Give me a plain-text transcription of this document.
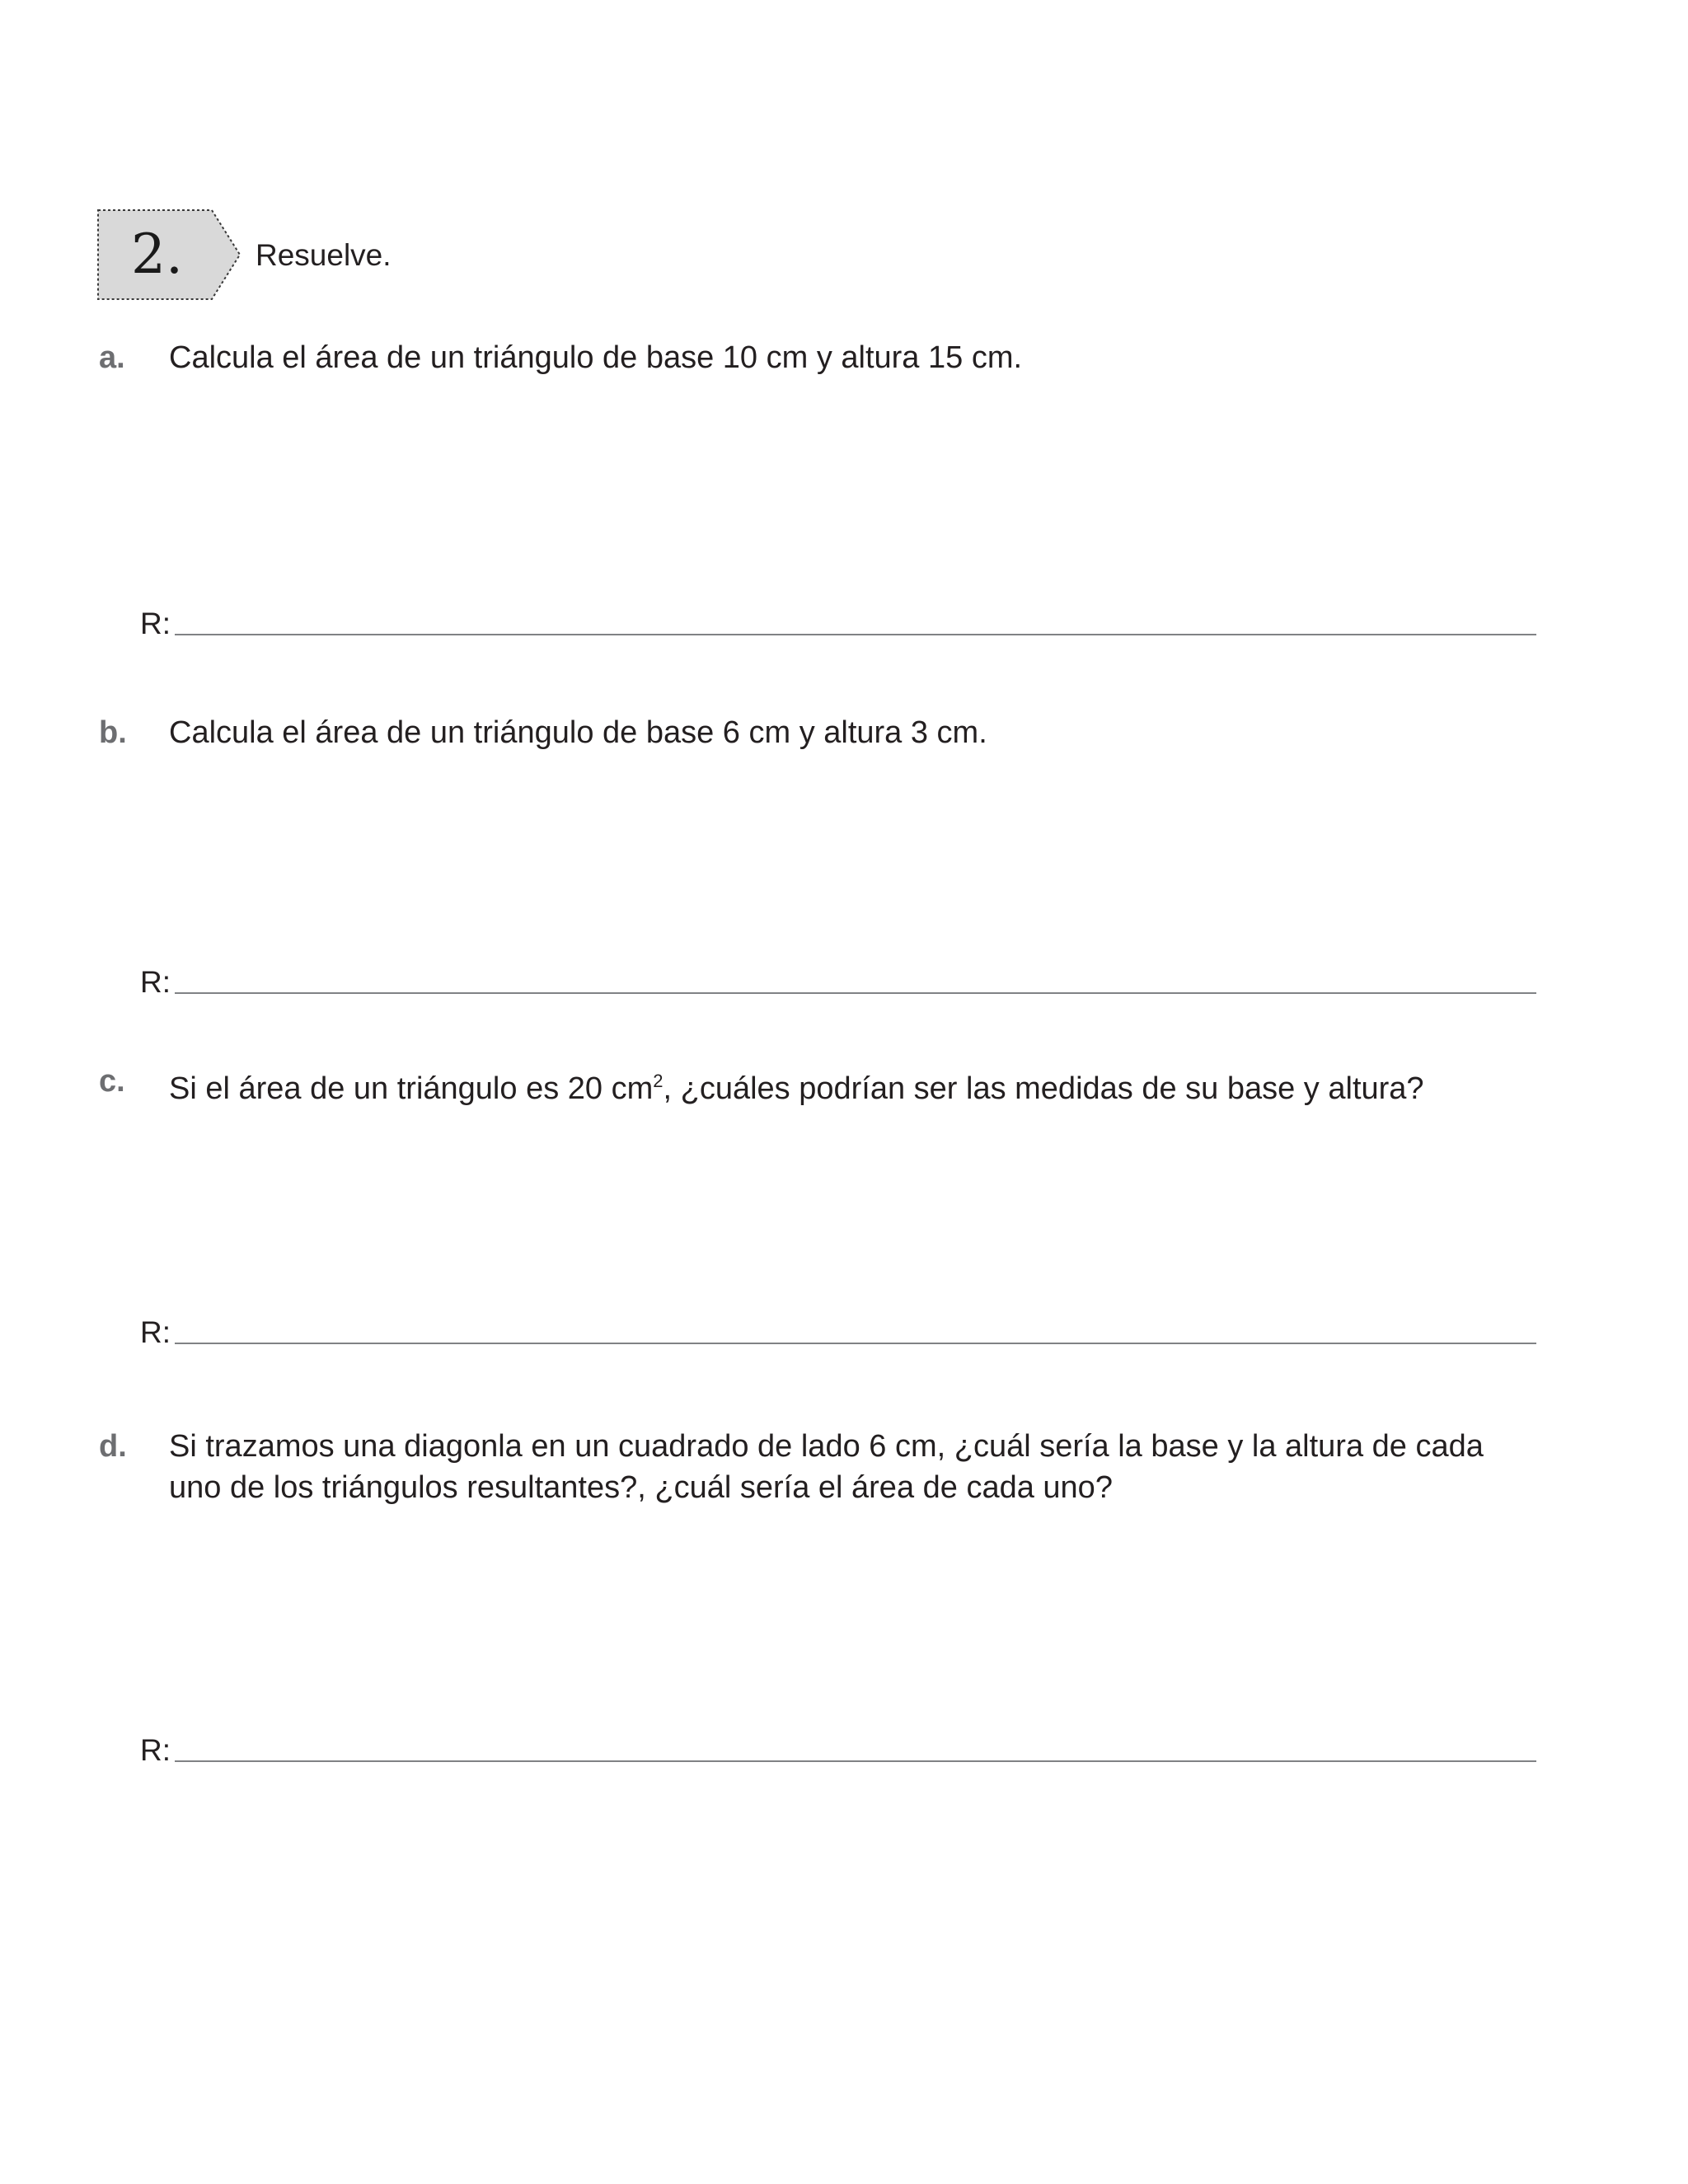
2. Resuelve.
a. Calcula el área de un triángulo de base 10 cm y altura 15 cm.
R:
b. Calcula el área de un triángulo de base 6 cm y altura 3 cm.
R:
c. Si el área de un triángulo es 20 $cm^2$, ¿cuáles podrían ser las medidas de su base y altura?
R:
d. Si trazamos una diagonla en un cuadrado de lado 6 cm, ¿cuál sería la base y la altura de cada
uno de los triángulos resultantes?, ¿cuál sería el área de cada uno?
R:
